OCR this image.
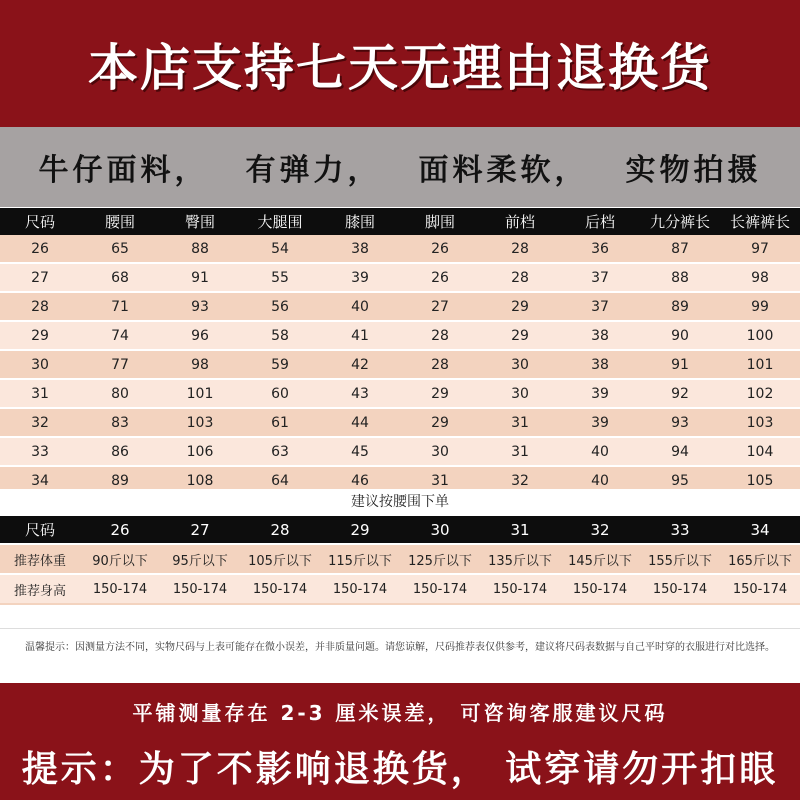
本店支持七天无理由退换货
牛仔面料， 有弹力， 面料柔软， 实物拍摄
尺码	腰围	臀围	大腿围	膝围	脚围	前档	后档	九分裤长	长裤裤长
26	65	88	54	38	26	28	36	87	97
27	68	91	55	39	26	28	37	88	98
28	71	93	56	40	27	29	37	89	99
29	74	96	58	41	28	29	38	90	100
30	77	98	59	42	28	30	38	91	101
31	80	101	60	43	29	30	39	92	102
32	83	103	61	44	29	31	39	93	103
33	86	106	63	45	30	31	40	94	104
34	89	108	64	46	31	32	40	95	105
建议按腰围下单
尺码	26	27	28	29	30	31	32	33	34
推荐体重	90斤以下	95斤以下	105斤以下	115斤以下	125斤以下	135斤以下	145斤以下	155斤以下	165斤以下
推荐身高	150-174	150-174	150-174	150-174	150-174	150-174	150-174	150-174	150-174
温馨提示：因测量方法不同，实物尺码与上表可能存在微小误差，并非质量问题。请您谅解，尺码推荐表仅供参考，建议将尺码表数据与自己平时穿的衣服进行对比选择。
平铺测量存在 2-3 厘米误差， 可咨询客服建议尺码
提示：为了不影响退换货， 试穿请勿开扣眼
